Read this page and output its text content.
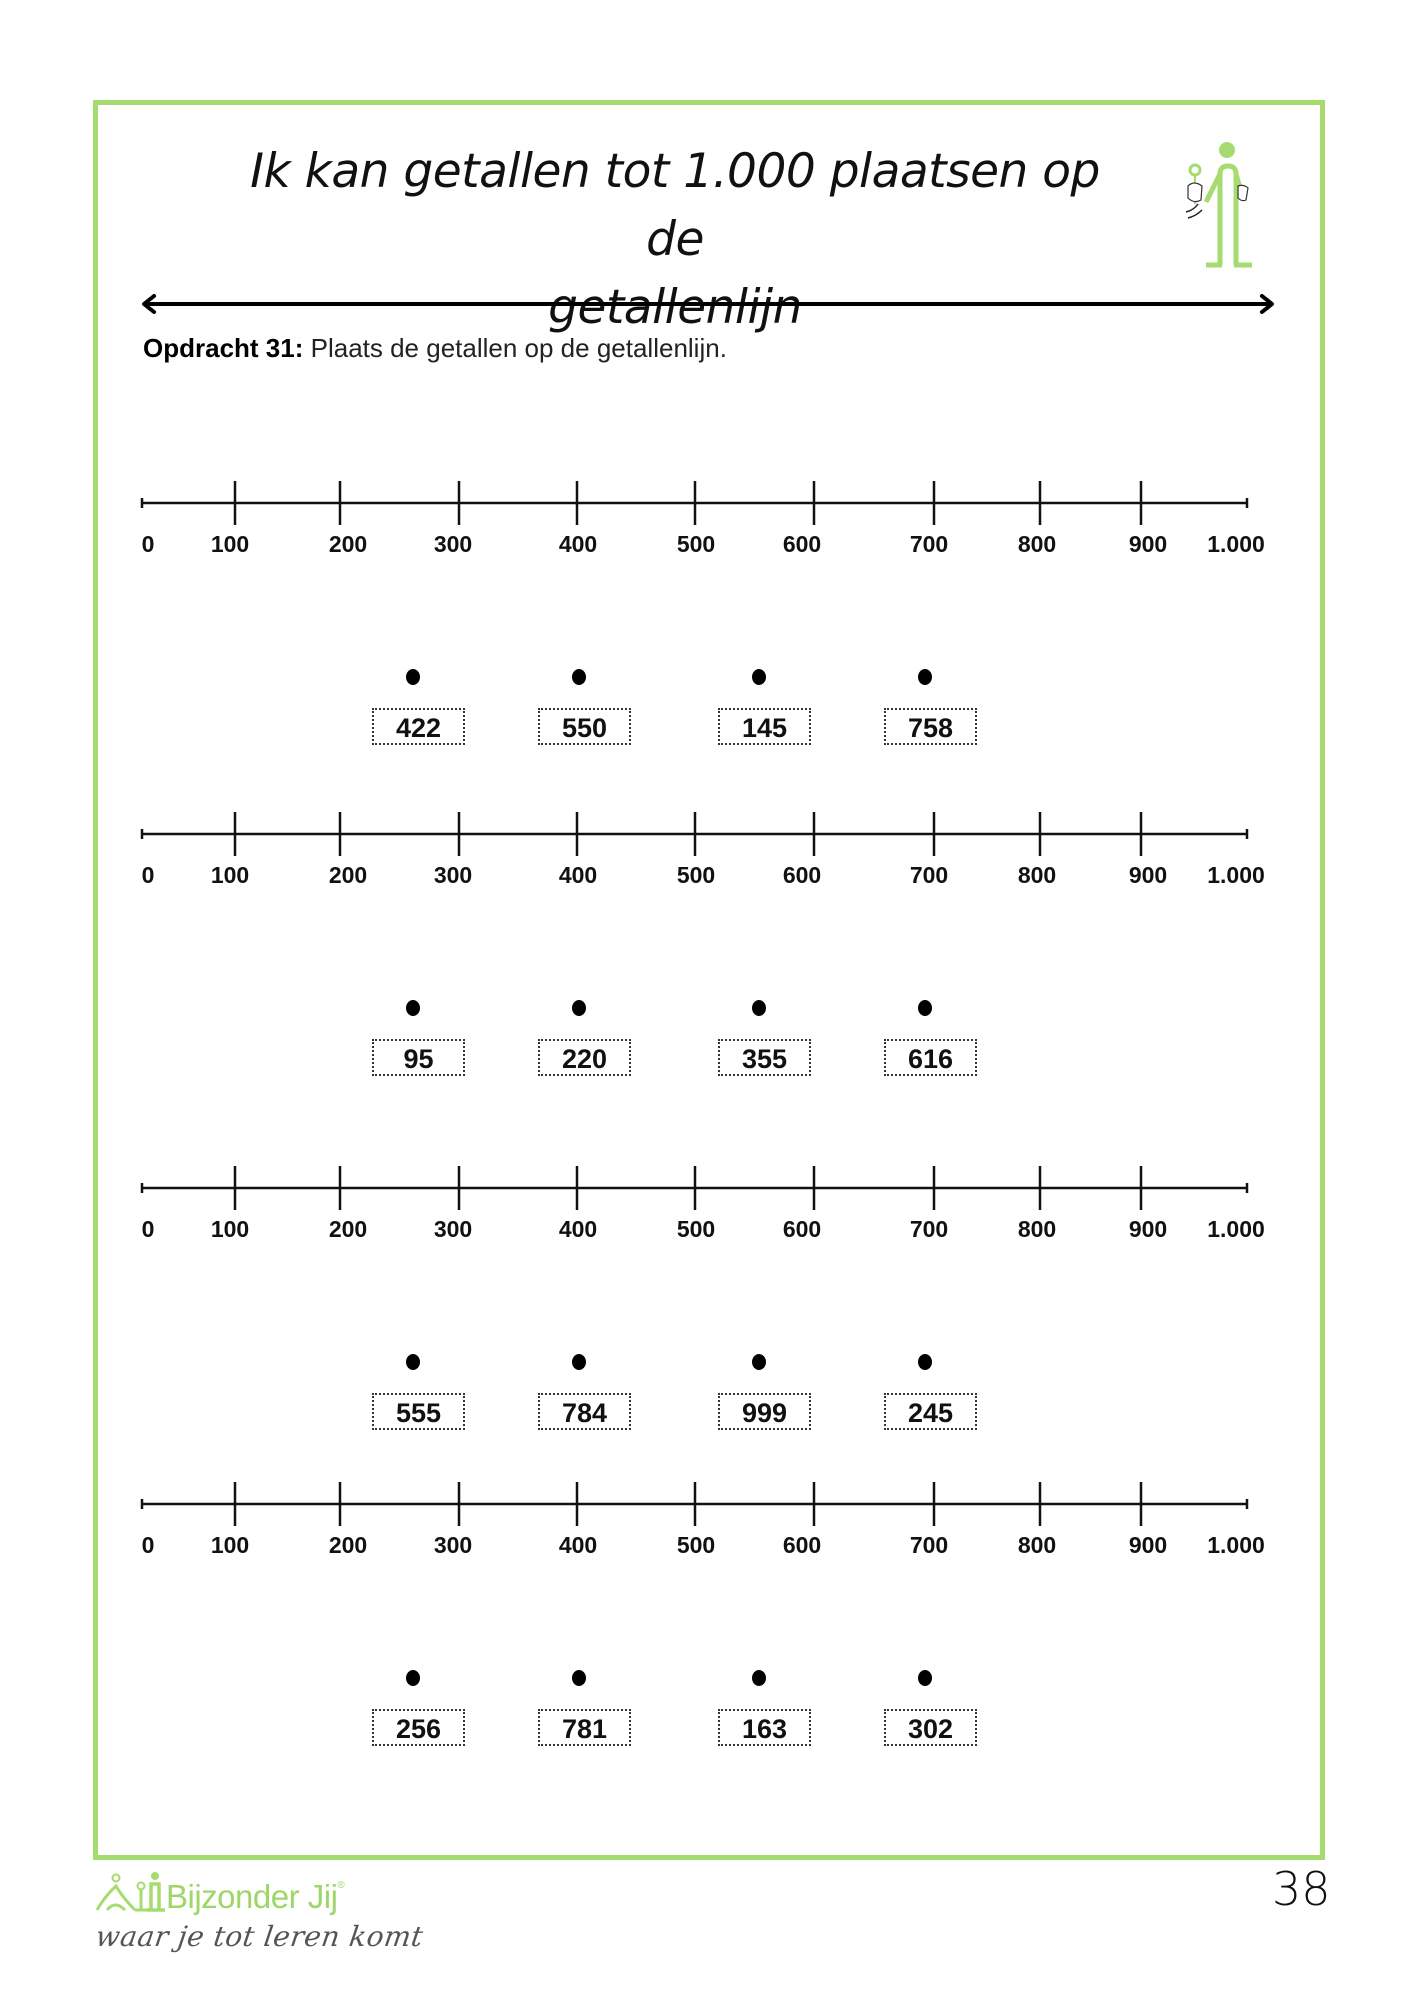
Ik kan getallen tot 1.000 plaatsen op de
getallenlijn
Opdracht 31: Plaats de getallen op de getallenlijn.
0 100	200	300	400	500	600	700	800	900 1.000
422	550	145	758
0 100	200	300	400	500	600	700	800	900 1.000
95	220	355	616
0 100	200	300	400	500	600	700	800	900 1.000
555	784	999	245
0 100	200	300	400	500	600	700	800	900 1.000
256	781	163	302
Bijzonder Jij®
waar je tot leren komt
38
